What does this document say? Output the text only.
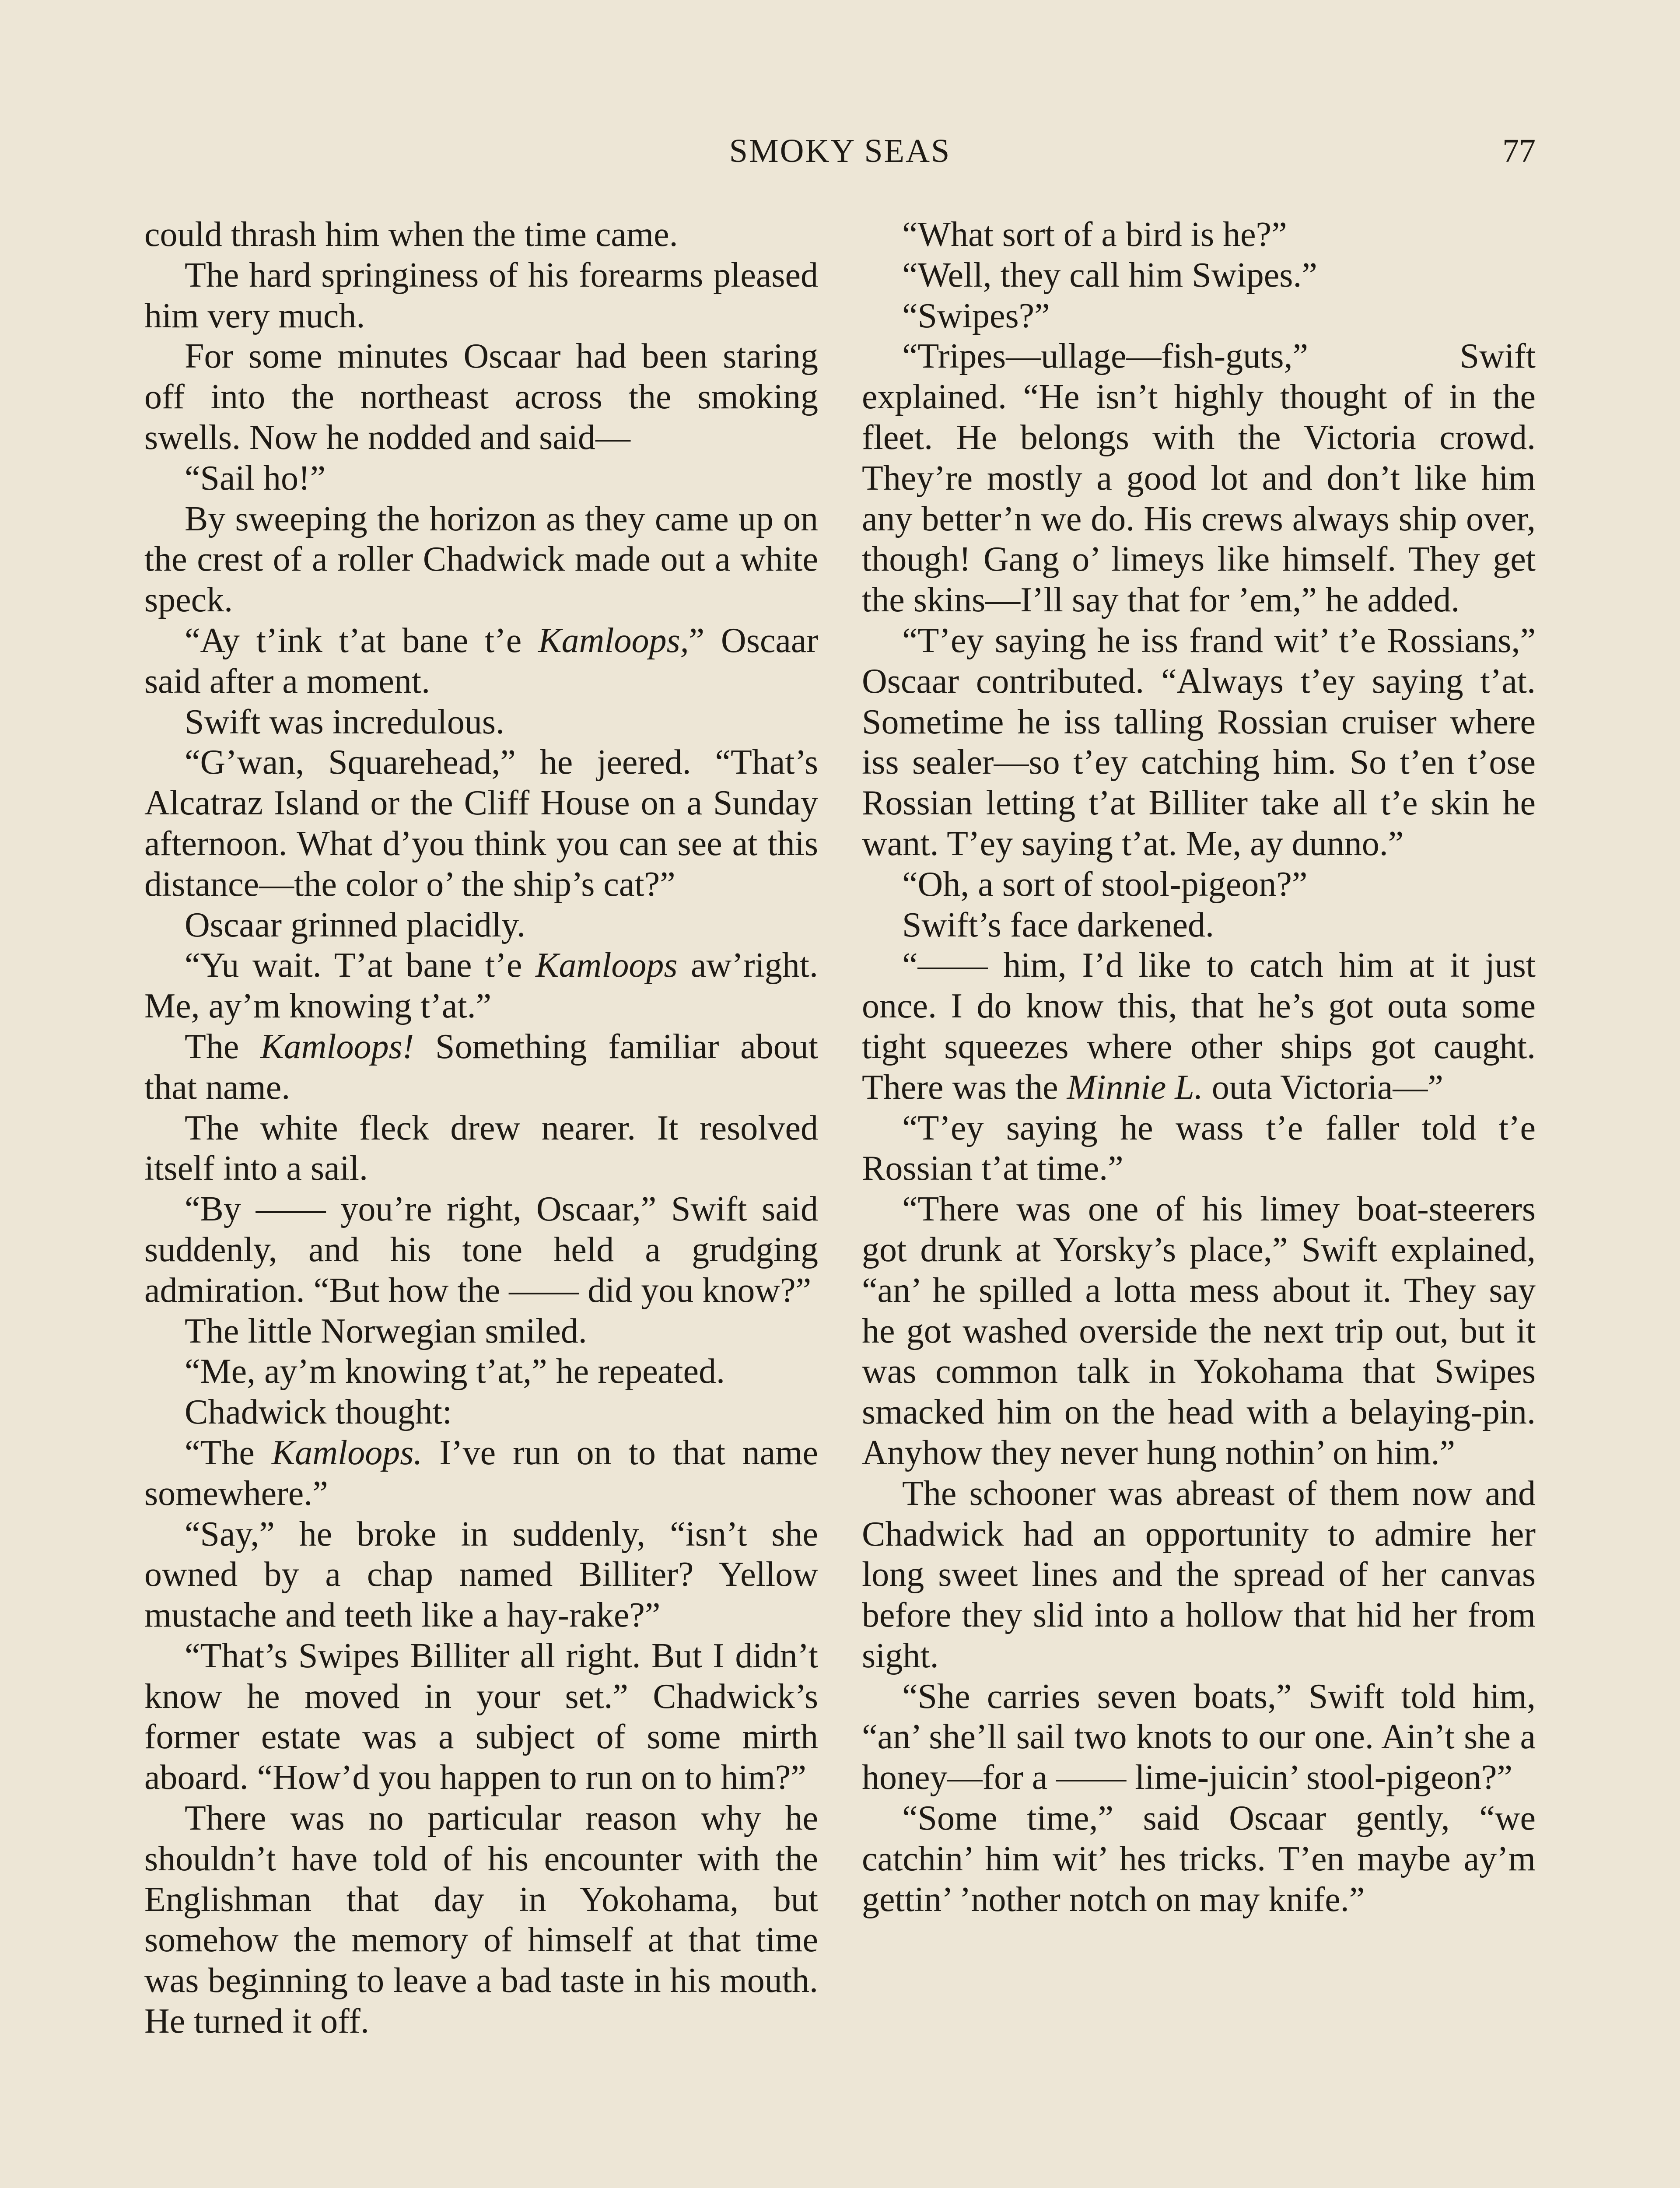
SMOKY SEAS	77

could thrash him when the time came.

The hard springiness of his forearms pleased him very much.

For some minutes Oscaar had been staring off into the northeast across the smoking swells. Now he nodded and said—

“Sail ho!”

By sweeping the horizon as they came up on the crest of a roller Chadwick made out a white speck.

“Ay t’ink t’at bane t’e Kamloops,” Oscaar said after a moment.

Swift was incredulous.

“G’wan, Squarehead,” he jeered. “That’s Alcatraz Island or the Cliff House on a Sunday afternoon. What d’you think you can see at this distance—the color o’ the ship’s cat?”

Oscaar grinned placidly.

“Yu wait. T’at bane t’e Kamloops aw’right. Me, ay’m knowing t’at.”

The Kamloops! Something familiar about that name.

The white fleck drew nearer. It resolved itself into a sail.

“By —— you’re right, Oscaar,” Swift said suddenly, and his tone held a grudging admiration. “But how the —— did you know?”

The little Norwegian smiled.

“Me, ay’m knowing t’at,” he repeated.

Chadwick thought:

“The Kamloops. I’ve run on to that name somewhere.”

“Say,” he broke in suddenly, “isn’t she owned by a chap named Billiter? Yellow mustache and teeth like a hay-rake?”

“That’s Swipes Billiter all right. But I didn’t know he moved in your set.” Chadwick’s former estate was a subject of some mirth aboard. “How’d you happen to run on to him?”

There was no particular reason why he shouldn’t have told of his encounter with the Englishman that day in Yokohama, but somehow the memory of himself at that time was beginning to leave a bad taste in his mouth. He turned it off.

“What sort of a bird is he?”

“Well, they call him Swipes.”

“Swipes?”

“Tripes—ullage—fish-guts,” Swift explained. “He isn’t highly thought of in the fleet. He belongs with the Victoria crowd. They’re mostly a good lot and don’t like him any better’n we do. His crews always ship over, though! Gang o’ limeys like himself. They get the skins—I’ll say that for ’em,” he added.

“T’ey saying he iss frand wit’ t’e Rossians,” Oscaar contributed. “Always t’ey saying t’at. Sometime he iss talling Rossian cruiser where iss sealer—so t’ey catching him. So t’en t’ose Rossian letting t’at Billiter take all t’e skin he want. T’ey saying t’at. Me, ay dunno.”

“Oh, a sort of stool-pigeon?”

Swift’s face darkened.

“—— him, I’d like to catch him at it just once. I do know this, that he’s got outa some tight squeezes where other ships got caught. There was the Minnie L. outa Victoria—”

“T’ey saying he wass t’e faller told t’e Rossian t’at time.”

“There was one of his limey boat-steerers got drunk at Yorsky’s place,” Swift explained, “an’ he spilled a lotta mess about it. They say he got washed overside the next trip out, but it was common talk in Yokohama that Swipes smacked him on the head with a belaying-pin. Anyhow they never hung nothin’ on him.”

The schooner was abreast of them now and Chadwick had an opportunity to admire her long sweet lines and the spread of her canvas before they slid into a hollow that hid her from sight.

“She carries seven boats,” Swift told him, “an’ she’ll sail two knots to our one. Ain’t she a honey—for a —— lime-juicin’ stool-pigeon?”

“Some time,” said Oscaar gently, “we catchin’ him wit’ hes tricks. T’en maybe ay’m gettin’ ’nother notch on may knife.”
